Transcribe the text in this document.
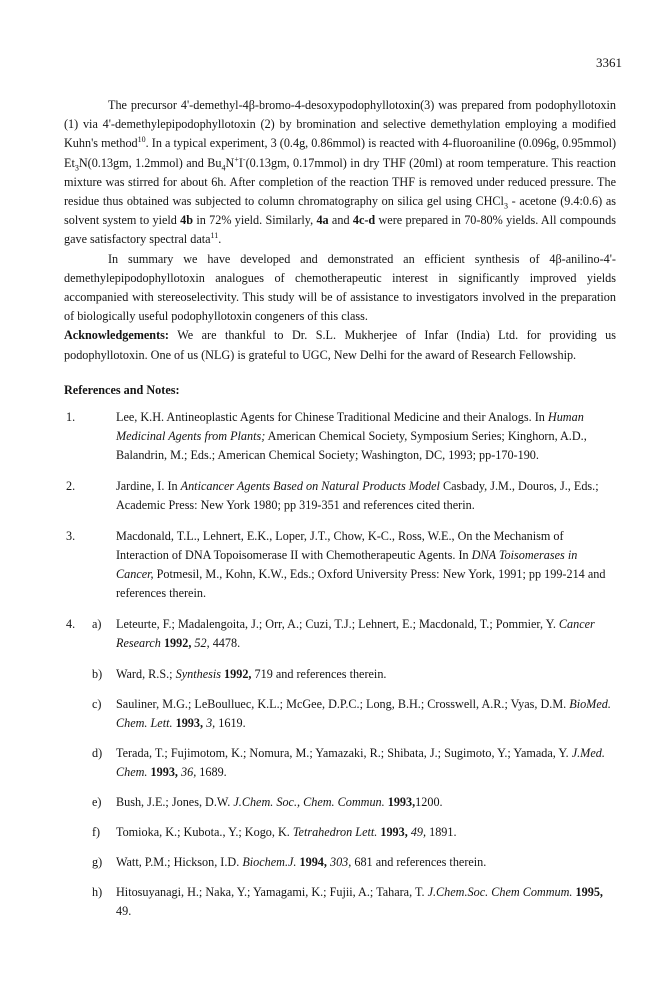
3361

The precursor 4'-demethyl-4β-bromo-4-desoxypodophyllotoxin(3) was prepared from podophyllotoxin (1) via 4'-demethylepipodophyllotoxin (2) by bromination and selective demethylation employing a modified Kuhn's method$^{10}$. In a typical experiment, 3 (0.4g, 0.86mmol) is reacted with 4-fluoroaniline (0.096g, 0.95mmol) $Et_3N(0.13gm$, 1.2mmol) and $Bu_4N^+I^-(0.13gm$, 0.17mmol) in dry THF (20ml) at room temperature. This reaction mixture was stirred for about 6h. After completion of the reaction THF is removed under reduced pressure. The residue thus obtained was subjected to column chromatography on silica gel using CHCl$_3$ - acetone (9.4:0.6) as solvent system to yield 4b in 72% yield. Similarly, 4a and 4c-d were prepared in 70-80% yields. All compounds gave satisfactory spectral data$^{11}$.

In summary we have developed and demonstrated an efficient synthesis of 4β-anilino-4'-demethylepipodophyllotoxin analogues of chemotherapeutic interest in significantly improved yields accompanied with stereoselectivity. This study will be of assistance to investigators involved in the preparation of biologically useful podophyllotoxin congeners of this class.

Acknowledgements: We are thankful to Dr. S.L. Mukherjee of Infar (India) Ltd. for providing us podophyllotoxin. One of us (NLG) is grateful to UGC, New Delhi for the award of Research Fellowship.

References and Notes:
1.	Lee, K.H. Antineoplastic Agents for Chinese Traditional Medicine and their Analogs. In Human Medicinal Agents from Plants; American Chemical Society, Symposium Series; Kinghorn, A.D., Balandrin, M.; Eds.; American Chemical Society; Washington, DC, 1993; pp-170-190.
2.	Jardine, I. In Anticancer Agents Based on Natural Products Model Casbady, J.M., Douros, J., Eds.; Academic Press: New York 1980; pp 319-351 and references cited therin.
3.	Macdonald, T.L., Lehnert, E.K., Loper, J.T., Chow, K-C., Ross, W.E., On the Mechanism of Interaction of DNA Topoisomerase II with Chemotherapeutic Agents. In DNA Toisomerases in Cancer, Potmesil, M., Kohn, K.W., Eds.; Oxford University Press: New York, 1991; pp 199-214 and references therein.
4. a) Leteurte, F.; Madalengoita, J.; Orr, A.; Cuzi, T.J.; Lehnert, E.; Macdonald, T.; Pommier, Y. Cancer Research 1992, 52, 4478.
b) Ward, R.S.; Synthesis 1992, 719 and references therein.
c) Sauliner, M.G.; LeBoulluec, K.L.; McGee, D.P.C.; Long, B.H.; Crosswell, A.R.; Vyas, D.M. BioMed. Chem. Lett. 1993, 3, 1619.
d) Terada, T.; Fujimotom, K.; Nomura, M.; Yamazaki, R.; Shibata, J.; Sugimoto, Y.; Yamada, Y. J.Med. Chem. 1993, 36, 1689.
e) Bush, J.E.; Jones, D.W. J.Chem. Soc., Chem. Commun. 1993,1200.
f) Tomioka, K.; Kubota., Y.; Kogo, K. Tetrahedron Lett. 1993, 49, 1891.
g) Watt, P.M.; Hickson, I.D. Biochem.J. 1994, 303, 681 and references therein.
h) Hitosuyanagi, H.; Naka, Y.; Yamagami, K.; Fujii, A.; Tahara, T. J.Chem.Soc. Chem Commum. 1995, 49.
